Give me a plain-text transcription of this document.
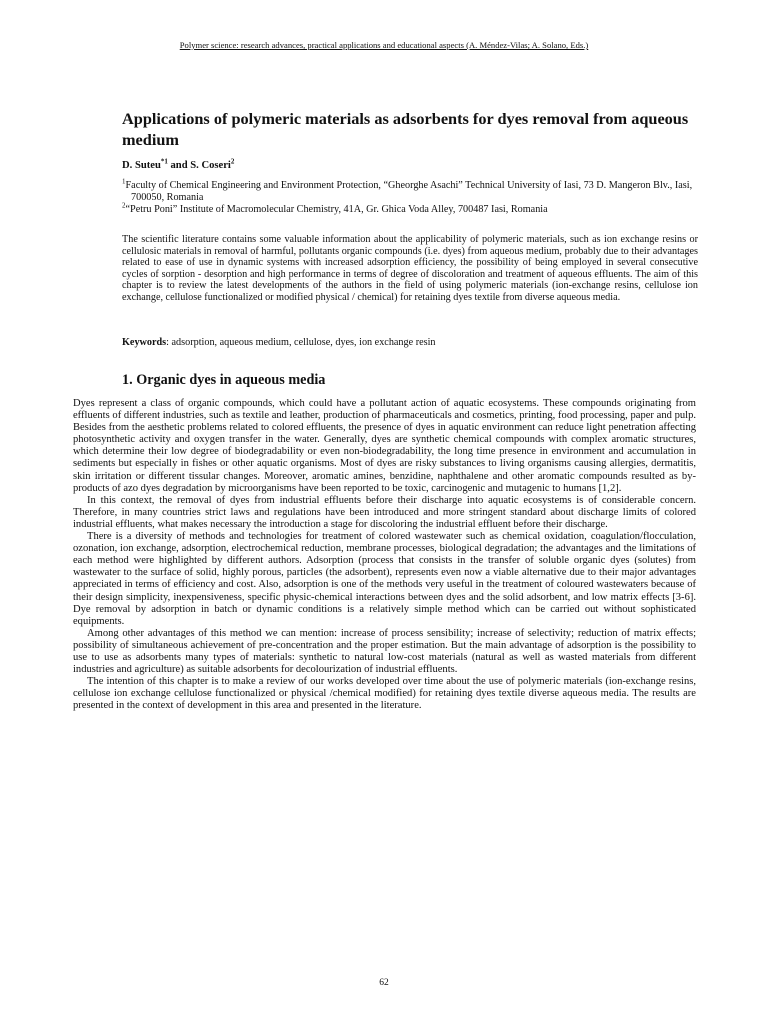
Polymer science: research advances, practical applications and educational aspects (A. Méndez-Vilas; A. Solano, Eds.)
Applications of polymeric materials as adsorbents for dyes removal from aqueous medium
D. Suteu$^{*1}$ and S. Coseri$^2$

$^1$Faculty of Chemical Engineering and Environment Protection, “Gheorghe Asachi” Technical University of Iasi, 73 D. Mangeron Blv., Iasi, 700050, Romania

$^2$“Petru Poni” Institute of Macromolecular Chemistry, 41A, Gr. Ghica Voda Alley, 700487 Iasi, Romania

The scientific literature contains some valuable information about the applicability of polymeric materials, such as ion exchange resins or cellulosic materials in removal of harmful, pollutants organic compounds (i.e. dyes) from aqueous medium, probably due to their advantages related to ease of use in dynamic systems with increased adsorption efficiency, the possibility of being employed in several consecutive cycles of sorption - desorption and high performance in terms of degree of discoloration and treatment of aqueous effluents. The aim of this chapter is to review the latest developments of the authors in the field of using polymeric materials (ion-exchange resins, cellulose ion exchange, cellulose functionalized or modified physical / chemical) for retaining dyes textile from diverse aqueous media.

Keywords: adsorption, aqueous medium, cellulose, dyes, ion exchange resin
1. Organic dyes in aqueous media

Dyes represent a class of organic compounds, which could have a pollutant action of aquatic ecosystems. These compounds originating from effluents of different industries, such as textile and leather, production of pharmaceuticals and cosmetics, printing, food processing, paper and pulp. Besides from the aesthetic problems related to colored effluents, the presence of dyes in aquatic environment can reduce light penetration affecting photosynthetic activity and oxygen transfer in the water. Generally, dyes are synthetic chemical compounds with complex aromatic structures, which determine their low degree of biodegradability or even non-biodegradability, the long time presence in environment and accumulation in sediments but especially in fishes or other aquatic organisms. Most of dyes are risky substances to living organisms causing allergies, dermatitis, skin irritation or different tissular changes. Moreover, aromatic amines, benzidine, naphthalene and other aromatic compounds resulted as by-products of azo dyes degradation by microorganisms have been reported to be toxic, carcinogenic and mutagenic to humans [1,2].

In this context, the removal of dyes from industrial effluents before their discharge into aquatic ecosystems is of considerable concern. Therefore, in many countries strict laws and regulations have been introduced and more stringent standard about discharge limits of colored industrial effluents, what makes necessary the introduction a stage for discoloring the industrial effluent before their discharge.

There is a diversity of methods and technologies for treatment of colored wastewater such as chemical oxidation, coagulation/flocculation, ozonation, ion exchange, adsorption, electrochemical reduction, membrane processes, biological degradation; the advantages and the limitations of each method were highlighted by different authors. Adsorption (process that consists in the transfer of soluble organic dyes (solutes) from wastewater to the surface of solid, highly porous, particles (the adsorbent), represents even now a viable alternative due to their major advantages appreciated in terms of efficiency and cost. Also, adsorption is one of the methods very useful in the treatment of coloured wastewaters because of their design simplicity, inexpensiveness, specific physic-chemical interactions between dyes and the solid adsorbent, and low matrix effects [3-6]. Dye removal by adsorption in batch or dynamic conditions is a relatively simple method which can be carried out without sophisticated equipments.

Among other advantages of this method we can mention: increase of process sensibility; increase of selectivity; reduction of matrix effects; possibility of simultaneous achievement of pre-concentration and the proper estimation. But the main advantage of adsorption is the possibility to use to use as adsorbents many types of materials: synthetic to natural low-cost materials (natural as well as wasted materials from different industries and agriculture) as suitable adsorbents for decolourization of industrial effluents.

The intention of this chapter is to make a review of our works developed over time about the use of polymeric materials (ion-exchange resins, cellulose ion exchange cellulose functionalized or physical /chemical modified) for retaining dyes textile diverse aqueous media. The results are presented in the context of development in this area and presented in the literature.

62
